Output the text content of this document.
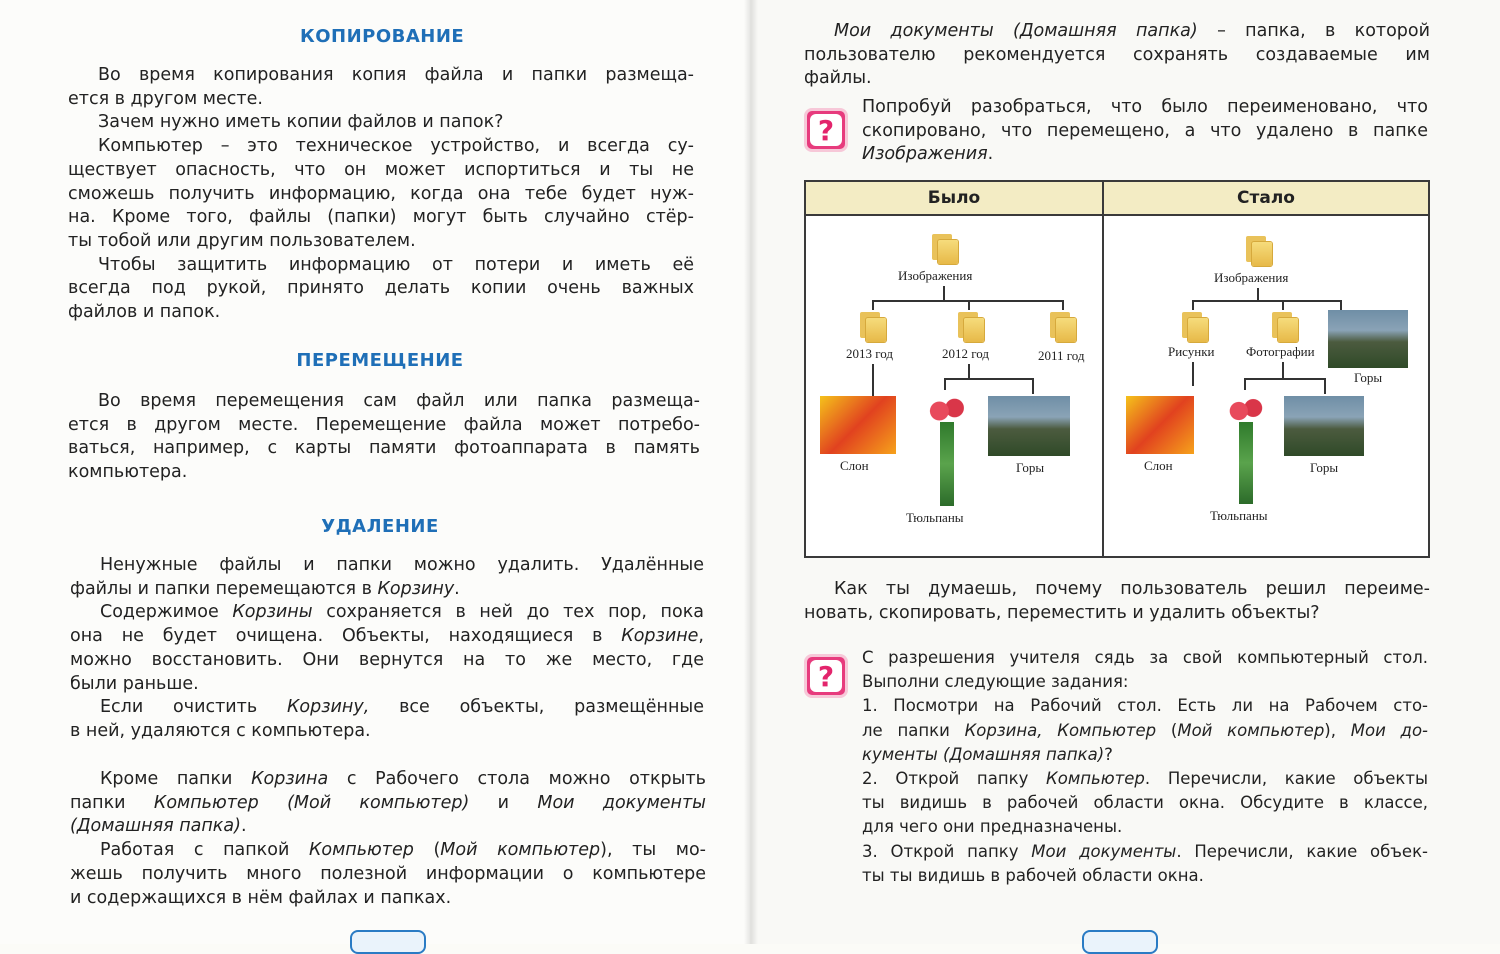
КОПИРОВАНИЕ
Во время копирования копия файла и папки размеща-
ется в другом месте.
Зачем нужно иметь копии файлов и папок?
Компьютер – это техническое устройство, и всегда су-
ществует опасность, что он может испортиться и ты не
сможешь получить информацию, когда она тебе будет нуж-
на. Кроме того, файлы (папки) могут быть случайно стёр-
ты тобой или другим пользователем.
Чтобы защитить информацию от потери и иметь её
всегда под рукой, принято делать копии очень важных
файлов и папок.
ПЕРЕМЕЩЕНИЕ
Во время перемещения сам файл или папка размеща-
ется в другом месте. Перемещение файла может потребо-
ваться, например, с карты памяти фотоаппарата в память
компьютера.
УДАЛЕНИЕ
Ненужные файлы и папки можно удалить. Удалённые
файлы и папки перемещаются в Корзину.
Содержимое Корзины сохраняется в ней до тех пор, пока
она не будет очищена. Объекты, находящиеся в Корзине,
можно восстановить. Они вернутся на то же место, где
были раньше.
Если очистить Корзину, все объекты, размещённые
в ней, удаляются с компьютера.
Кроме папки Корзина с Рабочего стола можно открыть
папки Компьютер (Мой компьютер) и Мои документы
(Домашняя папка).
Работая с папкой Компьютер (Мой компьютер), ты мо-
жешь получить много полезной информации о компьютере
и содержащихся в нём файлах и папках.
Мои документы (Домашняя папка) – папка, в которой
пользователю рекомендуется сохранять создаваемые им
файлы.
?
Попробуй разобраться, что было переименовано, что
скопировано, что перемещено, а что удалено в папке
Изображения.
Как ты думаешь, почему пользователь решил переиме-
новать, скопировать, переместить и удалить объекты?
?
С разрешения учителя сядь за свой компьютерный стол.
Выполни следующие задания:
1. Посмотри на Рабочий стол. Есть ли на Рабочем сто-
ле папки Корзина, Компьютер (Мой компьютер), Мои до-
кументы (Домашняя папка)?
2. Открой папку Компьютер. Перечисли, какие объекты
ты видишь в рабочей области окна. Обсудите в классе,
для чего они предназначены.
3. Открой папку Мои документы. Перечисли, какие объек-
ты ты видишь в рабочей области окна.
Было	Стало
Изображения
2013 год	2012 год	2011 год
Слон
Тюльпаны
Горы
Изображения
Рисунки Фотографии
Горы
Слон
Тюльпаны
Горы
